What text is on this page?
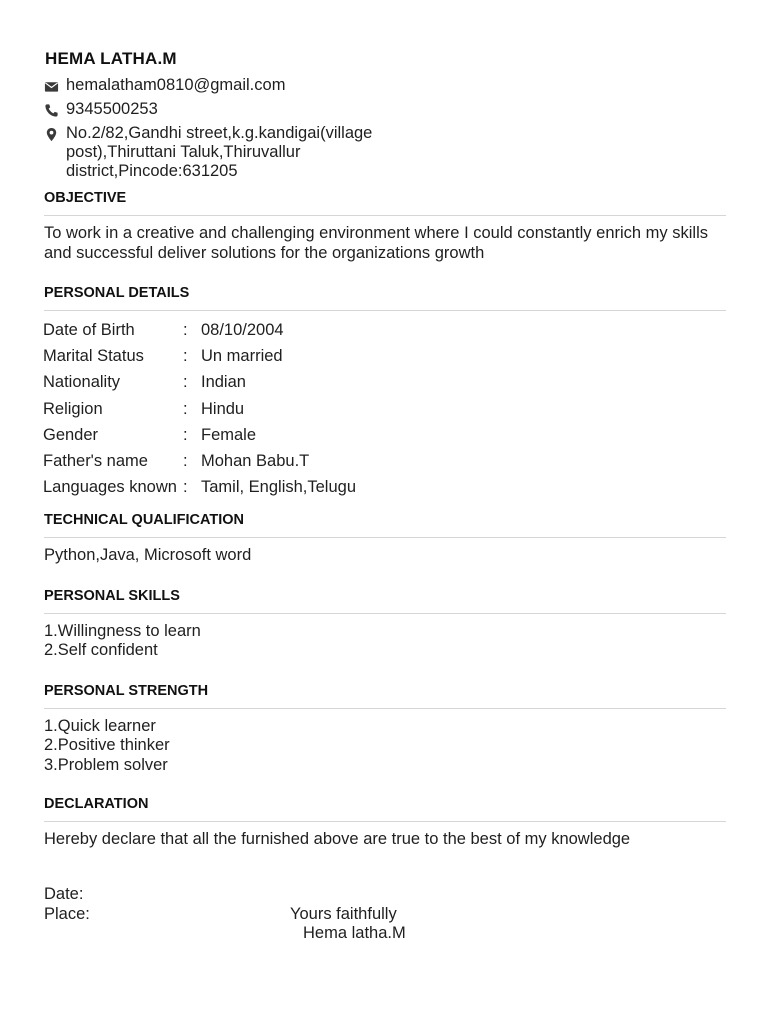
HEMA LATHA.M
hemalatham0810@gmail.com
9345500253
No.2/82,Gandhi street,k.g.kandigai(village
post),Thiruttani Taluk,Thiruvallur
district,Pincode:631205
OBJECTIVE
To work in a creative and challenging environment where I could constantly enrich my skills and successful deliver solutions for the organizations growth
PERSONAL DETAILS
Date of Birth	:	08/10/2004
Marital Status	:	Un married
Nationality	:	Indian
Religion	:	Hindu
Gender	:	Female
Father's name	:	Mohan Babu.T
Languages known	:	Tamil, English,Telugu
TECHNICAL QUALIFICATION
Python,Java, Microsoft word
PERSONAL SKILLS
1.Willingness to learn
2.Self confident
PERSONAL STRENGTH
1.Quick learner
2.Positive thinker
3.Problem solver
DECLARATION
Hereby declare that all the furnished above are true to the best of my knowledge
Date:
Place:	Yours faithfully
Hema latha.M
